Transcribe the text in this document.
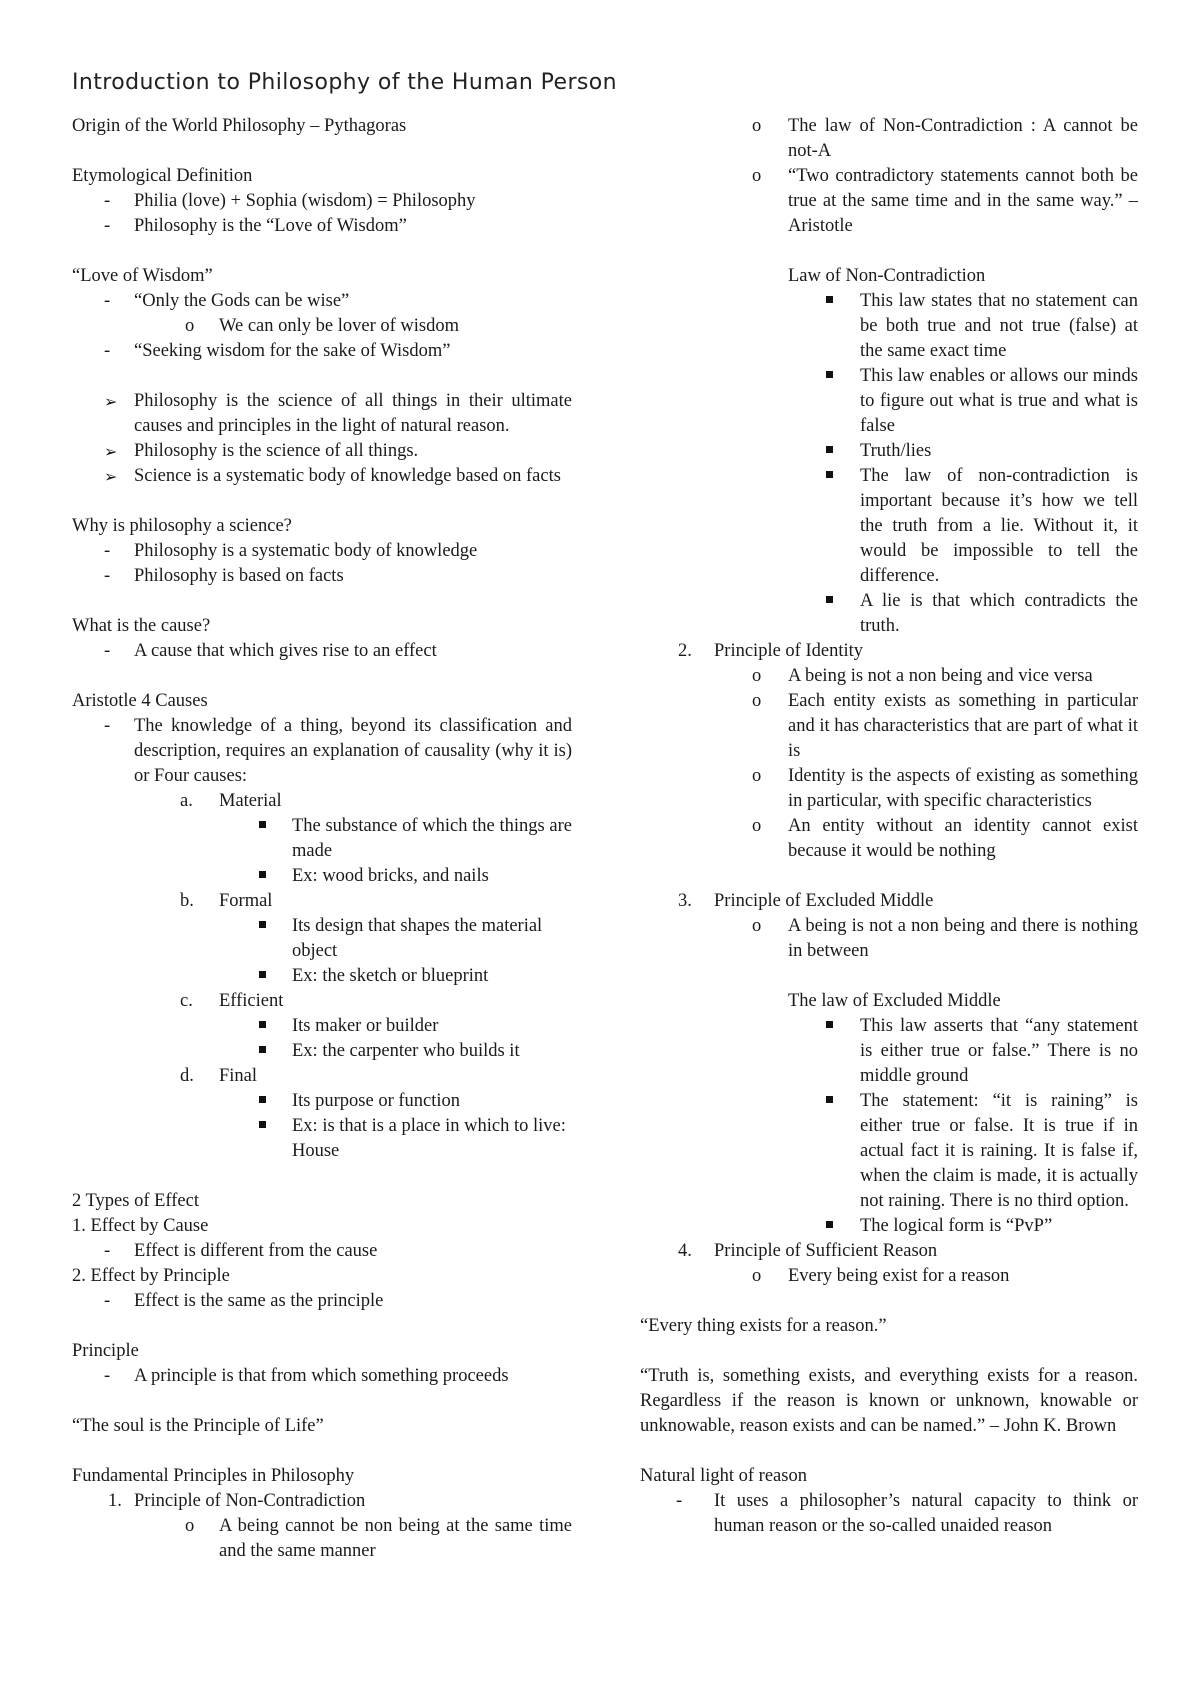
Introduction to Philosophy of the Human Person

Origin of the World Philosophy – Pythagoras

Etymological Definition

- Philia (love) + Sophia (wisdom) = Philosophy
- Philosophy is the “Love of Wisdom”

“Love of Wisdom”

- “Only the Gods can be wise”
o We can only be lover of wisdom
- “Seeking wisdom for the sake of Wisdom”
➢ Philosophy is the science of all things in their ultimate causes and principles in the light of natural reason.
➢ Philosophy is the science of all things.
➢ Science is a systematic body of knowledge based on facts

Why is philosophy a science?

- Philosophy is a systematic body of knowledge
- Philosophy is based on facts

What is the cause?

- A cause that which gives rise to an effect

Aristotle 4 Causes

- The knowledge of a thing, beyond its classification and description, requires an explanation of causality (why it is) or Four causes:
a. Material
The substance of which the things are made
Ex: wood bricks, and nails
b. Formal
Its design that shapes the material object
Ex: the sketch or blueprint
c. Efficient
Its maker or builder
Ex: the carpenter who builds it
d. Final
Its purpose or function
Ex: is that is a place in which to live: House

2 Types of Effect

1. Effect by Cause

- Effect is different from the cause

2. Effect by Principle

- Effect is the same as the principle

Principle

- A principle is that from which something proceeds

“The soul is the Principle of Life”

Fundamental Principles in Philosophy

1. Principle of Non-Contradiction
o A being cannot be non being at the same time and the same manner
o The law of Non-Contradiction : A cannot be not-A
o “Two contradictory statements cannot both be true at the same time and in the same way.” – Aristotle

Law of Non-Contradiction

This law states that no statement can be both true and not true (false) at the same exact time
This law enables or allows our minds to figure out what is true and what is false
Truth/lies
The law of non-contradiction is important because it’s how we tell the truth from a lie. Without it, it would be impossible to tell the difference.
A lie is that which contradicts the truth.
2. Principle of Identity
o A being is not a non being and vice versa
o Each entity exists as something in particular and it has characteristics that are part of what it is
o Identity is the aspects of existing as something in particular, with specific characteristics
o An entity without an identity cannot exist because it would be nothing
3. Principle of Excluded Middle
o A being is not a non being and there is nothing in between

The law of Excluded Middle

This law asserts that “any statement is either true or false.” There is no middle ground
The statement: “it is raining” is either true or false. It is true if in actual fact it is raining. It is false if, when the claim is made, it is actually not raining. There is no third option.
The logical form is “PvP”
4. Principle of Sufficient Reason
o Every being exist for a reason

“Every thing exists for a reason.”

“Truth is, something exists, and everything exists for a reason. Regardless if the reason is known or unknown, knowable or unknowable, reason exists and can be named.” – John K. Brown

Natural light of reason

- It uses a philosopher’s natural capacity to think or human reason or the so-called unaided reason
